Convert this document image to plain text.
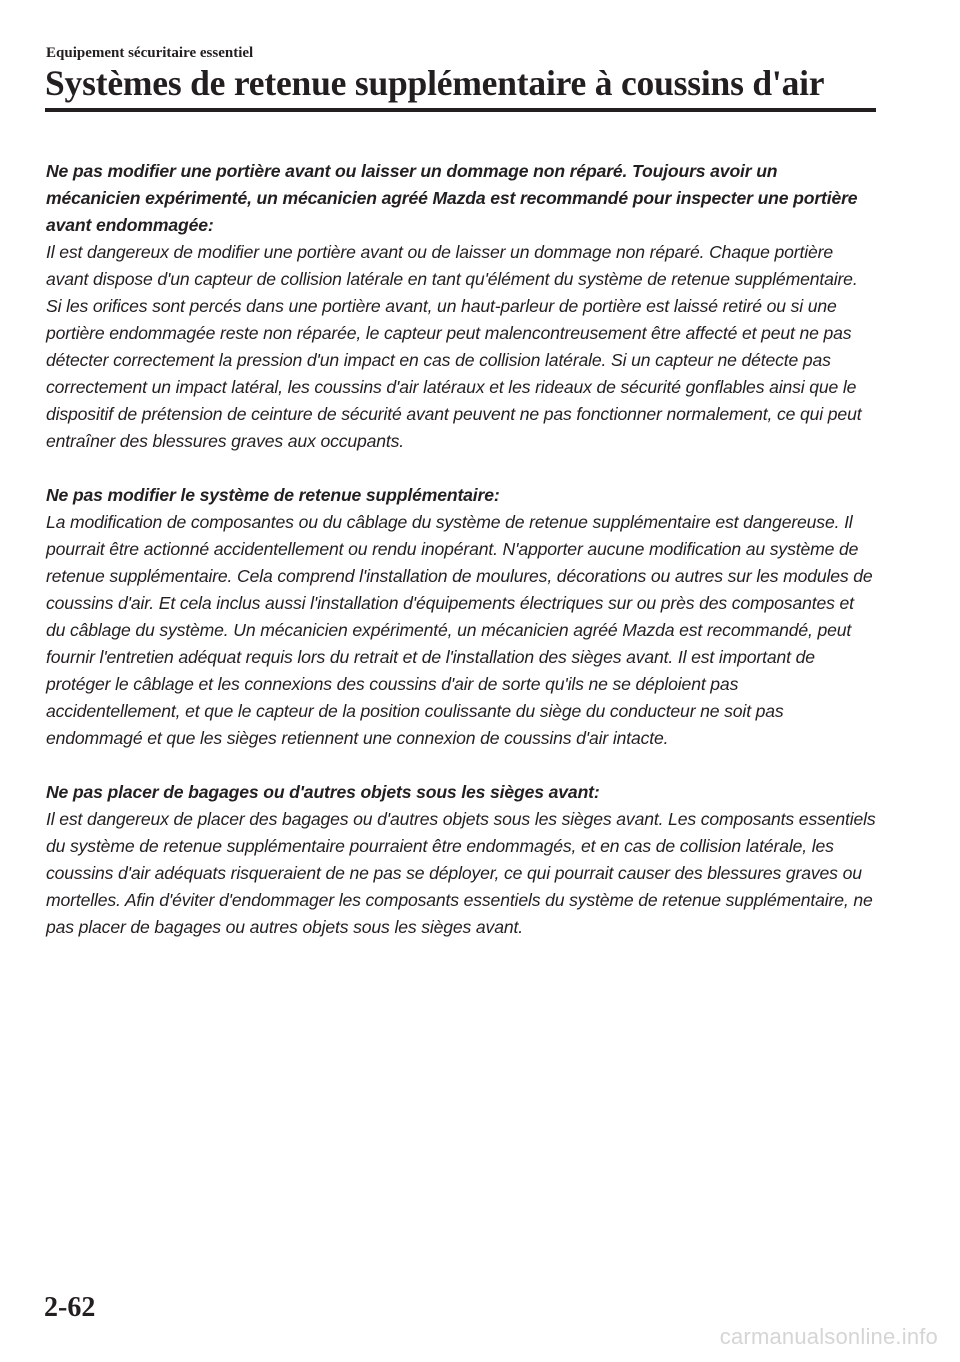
Equipement sécuritaire essentiel
Systèmes de retenue supplémentaire à coussins d'air
Ne pas modifier une portière avant ou laisser un dommage non réparé. Toujours avoir un mécanicien expérimenté, un mécanicien agréé Mazda est recommandé pour inspecter une portière avant endommagée:
Il est dangereux de modifier une portière avant ou de laisser un dommage non réparé. Chaque portière avant dispose d'un capteur de collision latérale en tant qu'élément du système de retenue supplémentaire. Si les orifices sont percés dans une portière avant, un haut-parleur de portière est laissé retiré ou si une portière endommagée reste non réparée, le capteur peut malencontreusement être affecté et peut ne pas détecter correctement la pression d'un impact en cas de collision latérale. Si un capteur ne détecte pas correctement un impact latéral, les coussins d'air latéraux et les rideaux de sécurité gonflables ainsi que le dispositif de prétension de ceinture de sécurité avant peuvent ne pas fonctionner normalement, ce qui peut entraîner des blessures graves aux occupants.
Ne pas modifier le système de retenue supplémentaire:
La modification de composantes ou du câblage du système de retenue supplémentaire est dangereuse. Il pourrait être actionné accidentellement ou rendu inopérant. N'apporter aucune modification au système de retenue supplémentaire. Cela comprend l'installation de moulures, décorations ou autres sur les modules de coussins d'air. Et cela inclus aussi l'installation d'équipements électriques sur ou près des composantes et du câblage du système. Un mécanicien expérimenté, un mécanicien agréé Mazda est recommandé, peut fournir l'entretien adéquat requis lors du retrait et de l'installation des sièges avant. Il est important de protéger le câblage et les connexions des coussins d'air de sorte qu'ils ne se déploient pas accidentellement, et que le capteur de la position coulissante du siège du conducteur ne soit pas endommagé et que les sièges retiennent une connexion de coussins d'air intacte.
Ne pas placer de bagages ou d'autres objets sous les sièges avant:
Il est dangereux de placer des bagages ou d'autres objets sous les sièges avant. Les composants essentiels du système de retenue supplémentaire pourraient être endommagés, et en cas de collision latérale, les coussins d'air adéquats risqueraient de ne pas se déployer, ce qui pourrait causer des blessures graves ou mortelles. Afin d'éviter d'endommager les composants essentiels du système de retenue supplémentaire, ne pas placer de bagages ou autres objets sous les sièges avant.
2-62
carmanualsonline.info
